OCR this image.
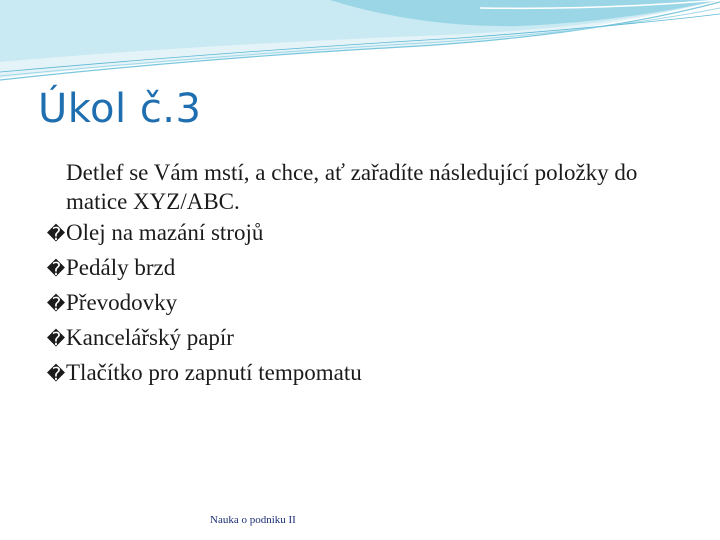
Úkol č.3
Detlef se Vám mstí, a chce, ať zařadíte následující položky do matice XYZ/ABC.
� Olej na mazání strojů
� Pedály brzd
� Převodovky
� Kancelářský papír
� Tlačítko pro zapnutí tempomatu
Nauka o podniku II
